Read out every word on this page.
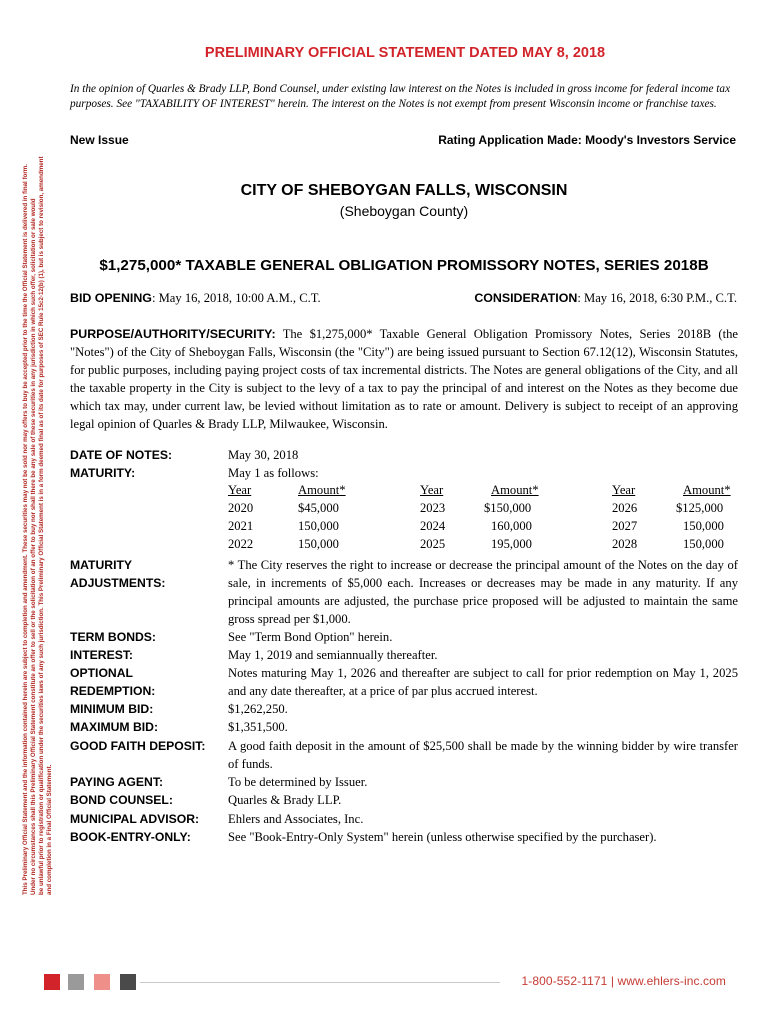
This Preliminary Official Statement and the information contained herein are subject to completion and amendment. These securities may not be sold nor may offers to buy be accepted prior to the time the Official Statement is delivered in final form. Under no circumstances shall this Preliminary Official Statement constitute an offer to sell or the solicitation of an offer to buy nor shall there be any sale of these securities in any jurisdiction in which such offer, solicitation or sale would be unlawful prior to registration or qualification under the securities laws of any such jurisdiction. This Preliminary Official Statement is in a form deemed final as of its date for purposes of SEC Rule 15c2-12(b) (1), but is subject to revision, amendment and completion in a Final Official Statement.
PRELIMINARY OFFICIAL STATEMENT DATED MAY 8, 2018
In the opinion of Quarles & Brady LLP, Bond Counsel, under existing law interest on the Notes is included in gross income for federal income tax purposes. See "TAXABILITY OF INTEREST" herein. The interest on the Notes is not exempt from present Wisconsin income or franchise taxes.
New Issue	Rating Application Made: Moody's Investors Service
CITY OF SHEBOYGAN FALLS, WISCONSIN
(Sheboygan County)
$1,275,000* TAXABLE GENERAL OBLIGATION PROMISSORY NOTES, SERIES 2018B
BID OPENING: May 16, 2018, 10:00 A.M., C.T.	CONSIDERATION: May 16, 2018, 6:30 P.M., C.T.
PURPOSE/AUTHORITY/SECURITY: The $1,275,000* Taxable General Obligation Promissory Notes, Series 2018B (the "Notes") of the City of Sheboygan Falls, Wisconsin (the "City") are being issued pursuant to Section 67.12(12), Wisconsin Statutes, for public purposes, including paying project costs of tax incremental districts. The Notes are general obligations of the City, and all the taxable property in the City is subject to the levy of a tax to pay the principal of and interest on the Notes as they become due which tax may, under current law, be levied without limitation as to rate or amount. Delivery is subject to receipt of an approving legal opinion of Quarles & Brady LLP, Milwaukee, Wisconsin.
DATE OF NOTES:	May 30, 2018
MATURITY:	May 1 as follows:
Year	Amount*	Year	Amount*	Year	Amount*
2020	$45,000	2023	$150,000	2026	$125,000
2021	150,000	2024	160,000	2027	150,000
2022	150,000	2025	195,000	2028	150,000
MATURITY
ADJUSTMENTS:
* The City reserves the right to increase or decrease the principal amount of the Notes on the day of sale, in increments of $5,000 each. Increases or decreases may be made in any maturity. If any principal amounts are adjusted, the purchase price proposed will be adjusted to maintain the same gross spread per $1,000.
TERM BONDS:	See "Term Bond Option" herein.
INTEREST:	May 1, 2019 and semiannually thereafter.
OPTIONAL
REDEMPTION:
Notes maturing May 1, 2026 and thereafter are subject to call for prior redemption on May 1, 2025 and any date thereafter, at a price of par plus accrued interest.
MINIMUM BID:	$1,262,250.
MAXIMUM BID:	$1,351,500.
GOOD FAITH DEPOSIT:	A good faith deposit in the amount of $25,500 shall be made by the winning bidder by wire transfer of funds.
PAYING AGENT:	To be determined by Issuer.
BOND COUNSEL:	Quarles & Brady LLP.
MUNICIPAL ADVISOR:	Ehlers and Associates, Inc.
BOOK-ENTRY-ONLY:	See "Book-Entry-Only System" herein (unless otherwise specified by the purchaser).
1-800-552-1171 | www.ehlers-inc.com
